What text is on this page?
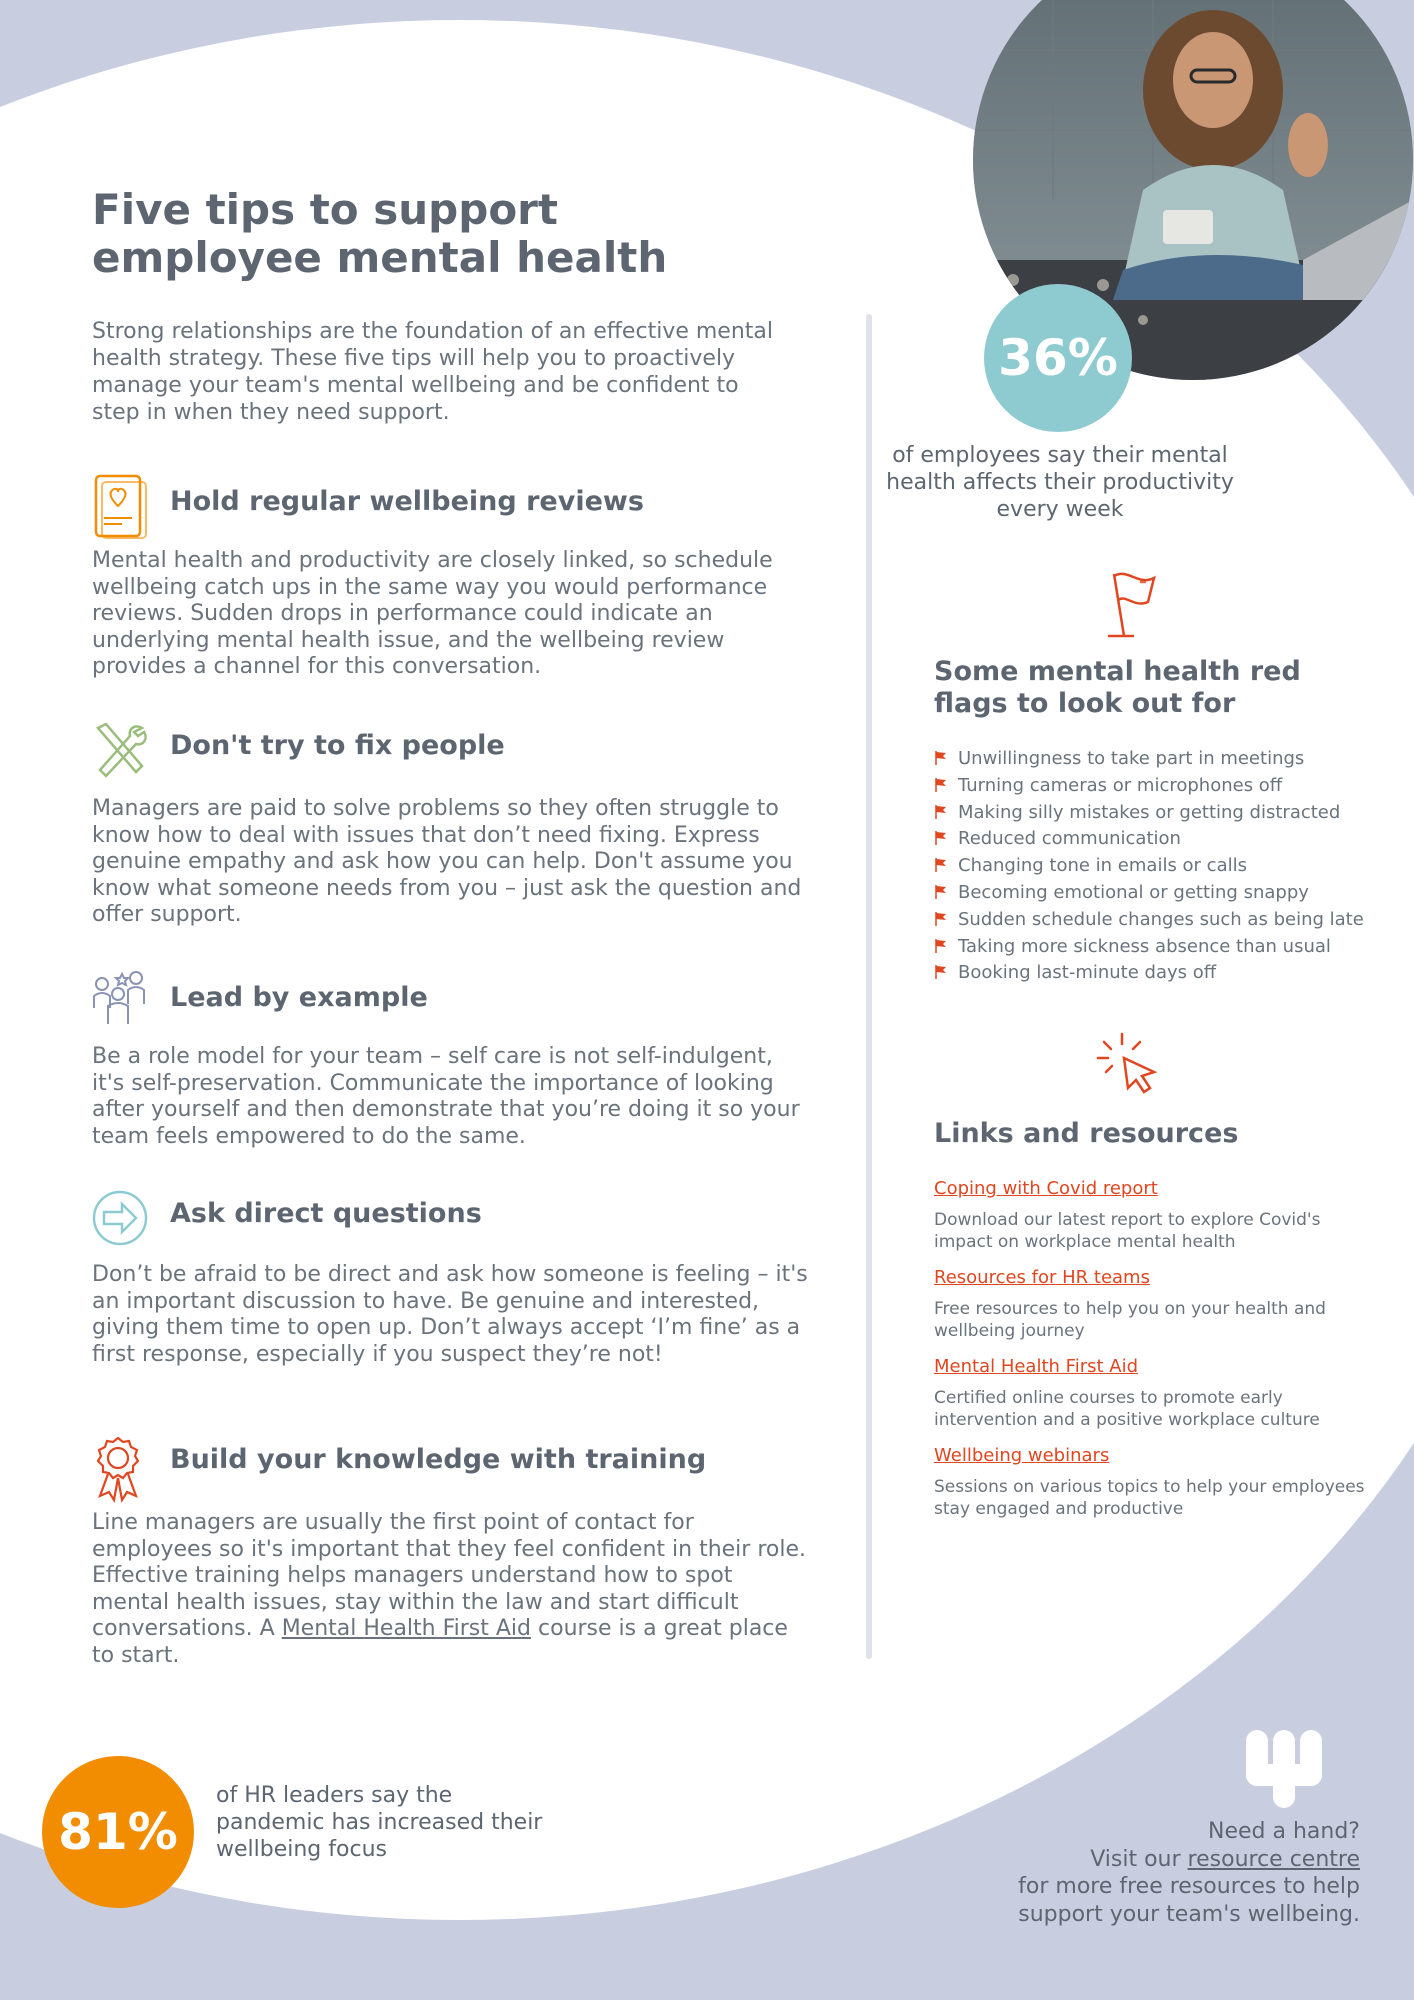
Five tips to support employee mental health

Strong relationships are the foundation of an effective mental health strategy. These five tips will help you to proactively manage your team's mental wellbeing and be confident to step in when they need support.

Hold regular wellbeing reviews

Mental health and productivity are closely linked, so schedule wellbeing catch ups in the same way you would performance reviews. Sudden drops in performance could indicate an underlying mental health issue, and the wellbeing review provides a channel for this conversation.

Don't try to fix people

Managers are paid to solve problems so they often struggle to know how to deal with issues that don’t need fixing. Express genuine empathy and ask how you can help. Don't assume you know what someone needs from you – just ask the question and offer support.

Lead by example

Be a role model for your team – self care is not self-indulgent, it's self-preservation. Communicate the importance of looking after yourself and then demonstrate that you’re doing it so your team feels empowered to do the same.

Ask direct questions

Don’t be afraid to be direct and ask how someone is feeling – it's an important discussion to have. Be genuine and interested, giving them time to open up. Don’t always accept ‘I’m fine’ as a first response, especially if you suspect they’re not!

Build your knowledge with training

Line managers are usually the first point of contact for employees so it's important that they feel confident in their role. Effective training helps managers understand how to spot mental health issues, stay within the law and start difficult conversations. A Mental Health First Aid course is a great place to start.

36%

of employees say their mental health affects their productivity every week

Some mental health red flags to look out for
Unwillingness to take part in meetings
Turning cameras or microphones off
Making silly mistakes or getting distracted
Reduced communication
Changing tone in emails or calls
Becoming emotional or getting snappy
Sudden schedule changes such as being late
Taking more sickness absence than usual
Booking last-minute days off
Links and resources
Coping with Covid report
Download our latest report to explore Covid's impact on workplace mental health
Resources for HR teams
Free resources to help you on your health and wellbeing journey
Mental Health First Aid
Certified online courses to promote early intervention and a positive workplace culture
Wellbeing webinars
Sessions on various topics to help your employees stay engaged and productive
81%

of HR leaders say the pandemic has increased their wellbeing focus

Need a hand?
Visit our resource centre
for more free resources to help
support your team's wellbeing.
